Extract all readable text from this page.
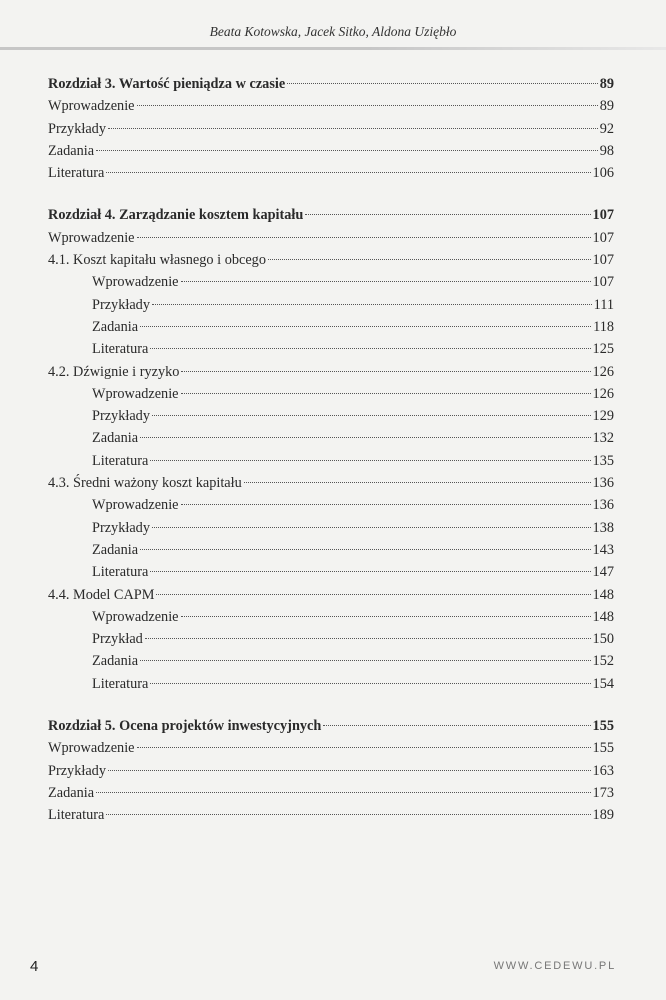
Beata Kotowska, Jacek Sitko, Aldona Uziębło
Rozdział 3. Wartość pieniądza w czasie	89
Wprowadzenie	89
Przykłady	92
Zadania	98
Literatura	106
Rozdział 4. Zarządzanie kosztem kapitału	107
Wprowadzenie	107
4.1. Koszt kapitału własnego i obcego	107
Wprowadzenie	107
Przykłady	111
Zadania	118
Literatura	125
4.2. Dźwignie i ryzyko	126
Wprowadzenie	126
Przykłady	129
Zadania	132
Literatura	135
4.3. Średni ważony koszt kapitału	136
Wprowadzenie	136
Przykłady	138
Zadania	143
Literatura	147
4.4. Model CAPM	148
Wprowadzenie	148
Przykład	150
Zadania	152
Literatura	154
Rozdział 5. Ocena projektów inwestycyjnych	155
Wprowadzenie	155
Przykłady	163
Zadania	173
Literatura	189
4	WWW.CEDEWU.PL
